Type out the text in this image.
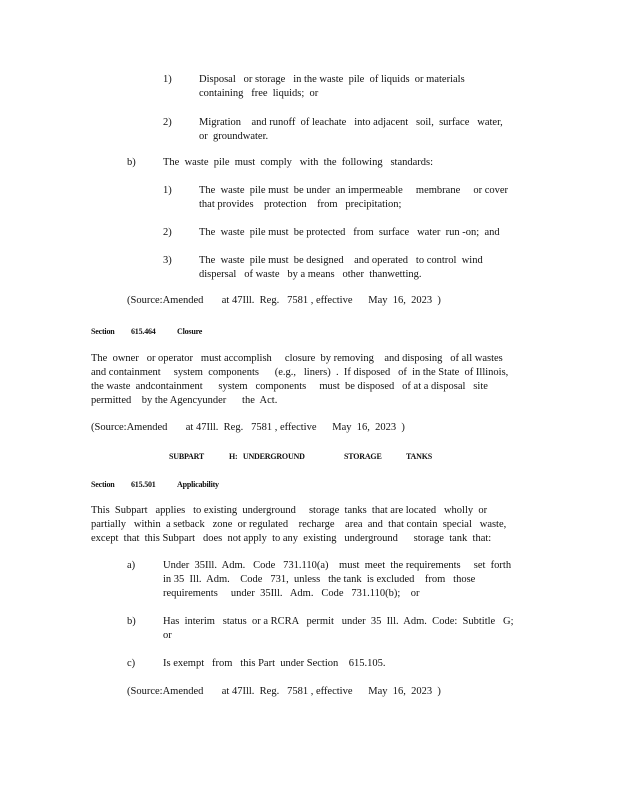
1)	Disposal   or storage   in the waste  pile  of liquids  or materials
containing   free  liquids;  or
2)	Migration    and runoff  of leachate   into adjacent   soil,  surface   water,
or  groundwater.
b)	The  waste  pile  must  comply   with  the  following   standards:
1)	The  waste  pile must  be under  an impermeable     membrane     or cover
that provides    protection    from   precipitation;
2)	The  waste  pile must  be protected   from  surface   water  run -on;  and
3)	The  waste  pile must  be designed    and operated   to control  wind
dispersal   of waste   by a means   other  thanwetting.
(Source:Amended       at 47Ill.  Reg.   7581 , effective      May  16,  2023  )
Section 615.464	Closure
The  owner   or operator   must accomplish     closure  by removing    and disposing   of all wastes
and containment     system  components      (e.g.,   liners)  .  If disposed   of  in the State  of Illinois,
the waste  andcontainment      system   components     must  be disposed   of at a disposal   site
permitted    by the Agencyunder      the  Act.
(Source:Amended       at 47Ill.  Reg.   7581 , effective      May  16,  2023  )
SUBPART	H:   UNDERGROUND	STORAGE	TANKS
Section 615.501	Applicability
This  Subpart   applies   to existing  underground     storage  tanks  that are located   wholly  or
partially   within  a setback   zone  or regulated    recharge    area  and  that contain  special   waste,
except  that  this Subpart   does  not apply  to any  existing   underground      storage  tank  that:
a)	Under  35Ill.  Adm.   Code   731.110(a)    must  meet  the requirements     set  forth
in 35  Ill.  Adm.    Code   731,  unless   the tank  is excluded    from   those
requirements     under  35Ill.   Adm.   Code   731.110(b);    or
b)	Has  interim   status  or a RCRA   permit   under  35  Ill.  Adm.  Code:  Subtitle   G;
or
c)	Is exempt   from   this Part  under Section    615.105.
(Source:Amended       at 47Ill.  Reg.   7581 , effective      May  16,  2023  )
